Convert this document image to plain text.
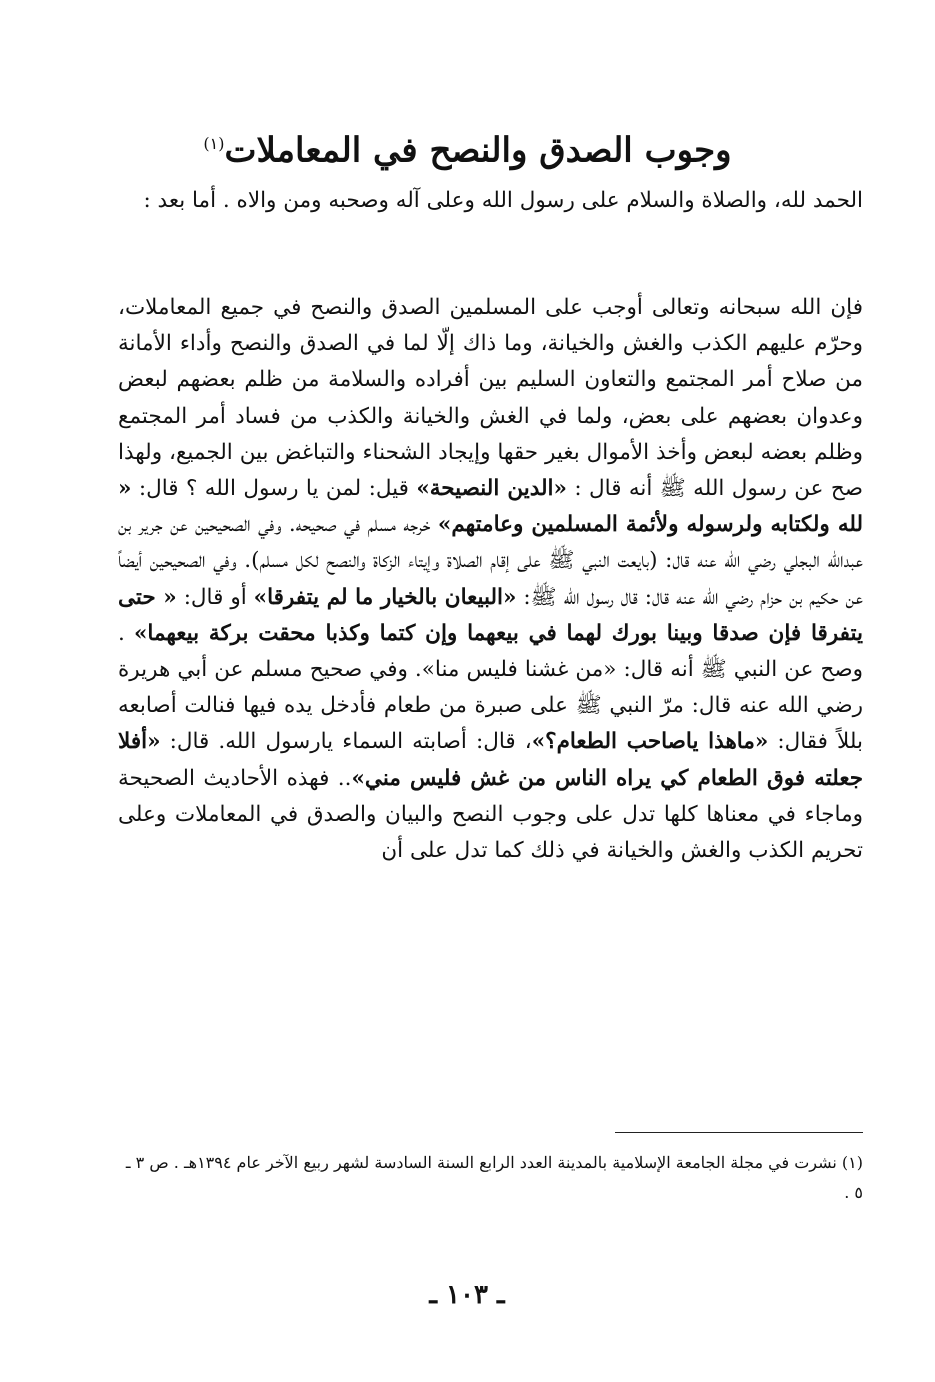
وجوب الصدق والنصح في المعاملات$^{(١)}$

الحمد لله، والصلاة والسلام على رسول الله وعلى آله وصحبه ومن والاه . أما بعد :

فإن الله سبحانه وتعالى أوجب على المسلمين الصدق والنصح في جميع المعاملات، وحرّم عليهم الكذب والغش والخيانة، وما ذاك إلّا لما في الصدق والنصح وأداء الأمانة من صلاح أمر المجتمع والتعاون السليم بين أفراده والسلامة من ظلم بعضهم لبعض وعدوان بعضهم على بعض، ولما في الغش والخيانة والكذب من فساد أمر المجتمع وظلم بعضه لبعض وأخذ الأموال بغير حقها وإيجاد الشحناء والتباغض بين الجميع، ولهذا صح عن رسول الله ﷺ أنه قال : «الدين النصيحة» قيل: لمن يا رسول الله ؟ قال: « لله ولكتابه ولرسوله ولأئمة المسلمين وعامتهم» خرجه مسلم في صحيحه. وفي الصحيحين عن جرير بن عبدالله البجلي رضي الله عنه قال: (بايعت النبي ﷺ على إقام الصلاة وإيتاء الزكاة والنصح لكل مسلم). وفي الصحيحين أيضاً عن حكيم بن حزام رضي الله عنه قال: قال رسول الله ﷺ: «البيعان بالخيار ما لم يتفرقا» أو قال: « حتى يتفرقا فإن صدقا وبينا بورك لهما في بيعهما وإن كتما وكذبا محقت بركة بيعهما» . وصح عن النبي ﷺ أنه قال: «من غشنا فليس منا». وفي صحيح مسلم عن أبي هريرة رضي الله عنه قال: مرّ النبي ﷺ على صبرة من طعام فأدخل يده فيها فنالت أصابعه بللاً فقال: «ماهذا ياصاحب الطعام؟»، قال: أصابته السماء يارسول الله. قال: «أفلا جعلته فوق الطعام كي يراه الناس من غش فليس مني».. فهذه الأحاديث الصحيحة وماجاء في معناها كلها تدل على وجوب النصح والبيان والصدق في المعاملات وعلى تحريم الكذب والغش والخيانة في ذلك كما تدل على أن

(١) نشرت في مجلة الجامعة الإسلامية بالمدينة العدد الرابع السنة السادسة لشهر ربيع الآخر عام ١٣٩٤هـ . ص ٣ ـ ٥ .

ـ ١٠٣ ـ
